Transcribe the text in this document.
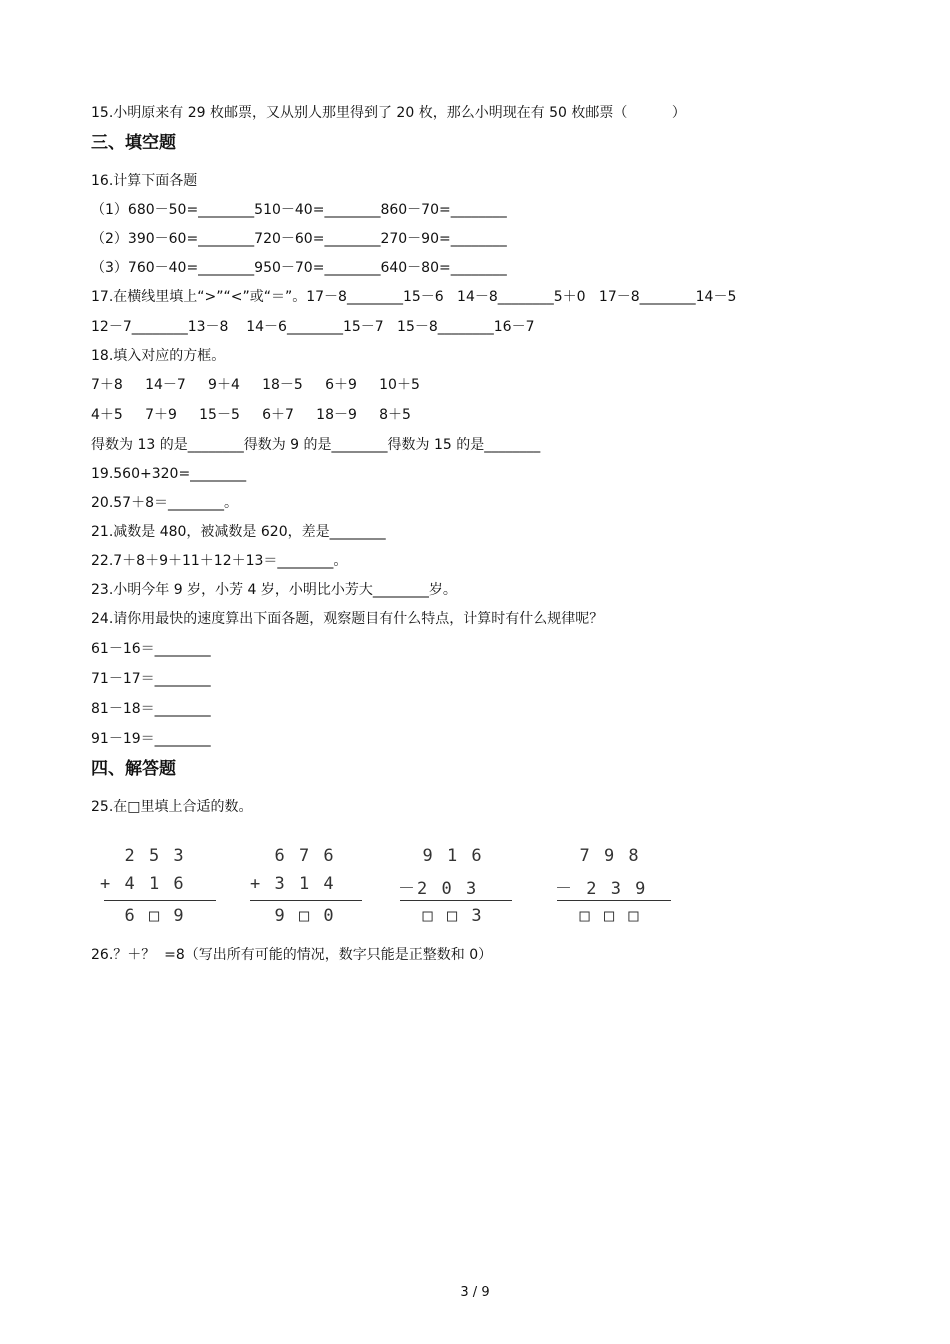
15.小明原来有 29 枚邮票，又从别人那里得到了 20 枚，那么小明现在有 50 枚邮票（          ）
三、填空题
16.计算下面各题
（1）680－50=________510－40=________860－70=________
（2）390－60=________720－60=________270－90=________
（3）760－40=________950－70=________640－80=________
17.在横线里填上“>”“<”或“＝”。17－8________15－6   14－8________5＋0   17－8________14－5
12－7________13－8    14－6________15－7   15－8________16－7
18.填入对应的方框。
7＋8     14－7     9＋4     18－5     6＋9     10＋5
4＋5     7＋9     15－5     6＋7     18－9     8＋5
得数为 13 的是________得数为 9 的是________得数为 15 的是________
19.560+320=________
20.57＋8＝________。
21.减数是 480，被减数是 620，差是________
22.7＋8＋9＋11＋12＋13＝________。
23.小明今年 9 岁，小芳 4 岁，小明比小芳大________岁。
24.请你用最快的速度算出下面各题，观察题目有什么特点，计算时有什么规律呢？
61－16＝________
71－17＝________
81－18＝________
91－19＝________
四、解答题
25.在□里填上合适的数。
2 5 3
+ 4 1 6
6 □ 9
6 7 6
+ 3 1 4
9 □ 0
9 1 6
－2 0 3
□ □ 3
7 9 8
－ 2 3 9
□ □ □
26.？＋？  =8（写出所有可能的情况，数字只能是正整数和 0）
3 / 9
